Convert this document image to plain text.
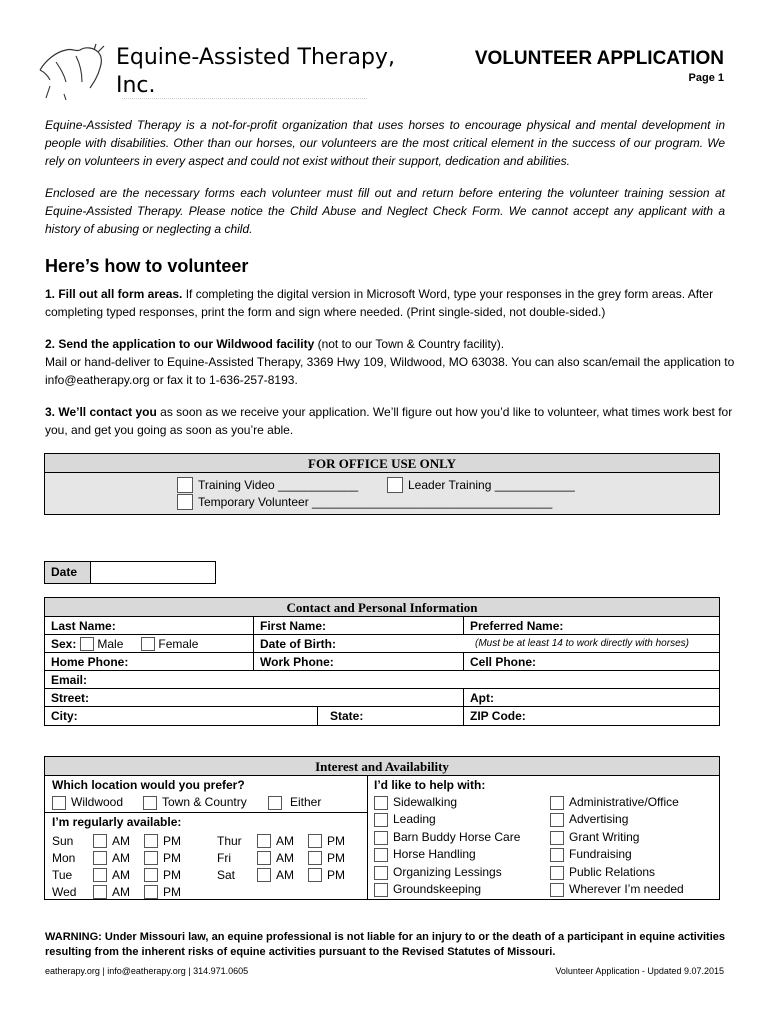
Equine-Assisted Therapy,
Inc.
VOLUNTEER APPLICATION
Page 1
Equine-Assisted Therapy is a not-for-profit organization that uses horses to encourage physical and mental development in people with disabilities. Other than our horses, our volunteers are the most critical element in the success of our program. We rely on volunteers in every aspect and could not exist without their support, dedication and abilities.
Enclosed are the necessary forms each volunteer must fill out and return before entering the volunteer training session at Equine-Assisted Therapy. Please notice the Child Abuse and Neglect Check Form. We cannot accept any applicant with a history of abusing or neglecting a child.
Here’s how to volunteer
1. Fill out all form areas. If completing the digital version in Microsoft Word, type your responses in the grey form areas. After completing typed responses, print the form and sign where needed. (Print single-sided, not double-sided.)
2. Send the application to our Wildwood facility (not to our Town & Country facility).
Mail or hand-deliver to Equine-Assisted Therapy, 3369 Hwy 109, Wildwood, MO 63038. You can also scan/email the application to info@eatherapy.org or fax it to 1-636-257-8193.
3. We’ll contact you as soon as we receive your application. We’ll figure out how you’d like to volunteer, what times work best for you, and get you going as soon as you’re able.
FOR OFFICE USE ONLY
Training Video ____________	Leader Training ____________
Temporary Volunteer ____________________________________
Date
Contact and Personal Information
Last Name:	First Name:	Preferred Name:
Sex: Male	Female	Date of Birth:	(Must be at least 14 to work directly with horses)
Home Phone:	Work Phone:	Cell Phone:
Email:
Street:	Apt:
City:	State:	ZIP Code:
Interest and Availability
Which location would you prefer?
Wildwood	Town & Country	Either
I’m regularly available:
Sun	AM	PM	Thur	AM	PM
Mon	AM	PM	Fri	AM	PM
Tue	AM	PM	Sat	AM	PM
Wed	AM	PM
I’d like to help with:
Sidewalking
Leading
Barn Buddy Horse Care
Horse Handling
Organizing Lessings
Groundskeeping
Administrative/Office
Advertising
Grant Writing
Fundraising
Public Relations
Wherever I’m needed
WARNING: Under Missouri law, an equine professional is not liable for an injury to or the death of a participant in equine activities resulting from the inherent risks of equine activities pursuant to the Revised Statutes of Missouri.
eatherapy.org | info@eatherapy.org | 314.971.0605	Volunteer Application - Updated 9.07.2015
